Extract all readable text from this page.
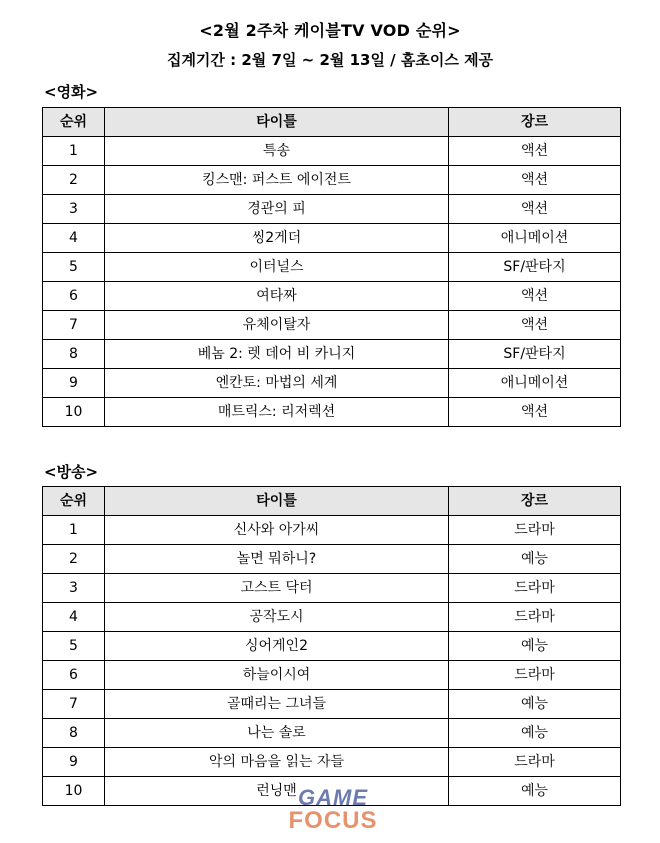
<2월 2주차 케이블TV VOD 순위>
집계기간 : 2월 7일 ~ 2월 13일 / 홈초이스 제공
<영화>
순위	타이틀	장르
1	특송	액션
2	킹스맨: 퍼스트 에이전트	액션
3	경관의 피	액션
4	씽2게더	애니메이션
5	이터널스	SF/판타지
6	여타짜	액션
7	유체이탈자	액션
8	베놈 2: 렛 데어 비 카니지	SF/판타지
9	엔칸토: 마법의 세계	애니메이션
10	매트릭스: 리저렉션	액션
<방송>
순위	타이틀	장르
1	신사와 아가씨	드라마
2	놀면 뭐하니?	예능
3	고스트 닥터	드라마
4	공작도시	드라마
5	싱어게인2	예능
6	하늘이시여	드라마
7	골때리는 그녀들	예능
8	나는 솔로	예능
9	악의 마음을 읽는 자들	드라마
10	런닝맨	예능
GAME
FOCUS
